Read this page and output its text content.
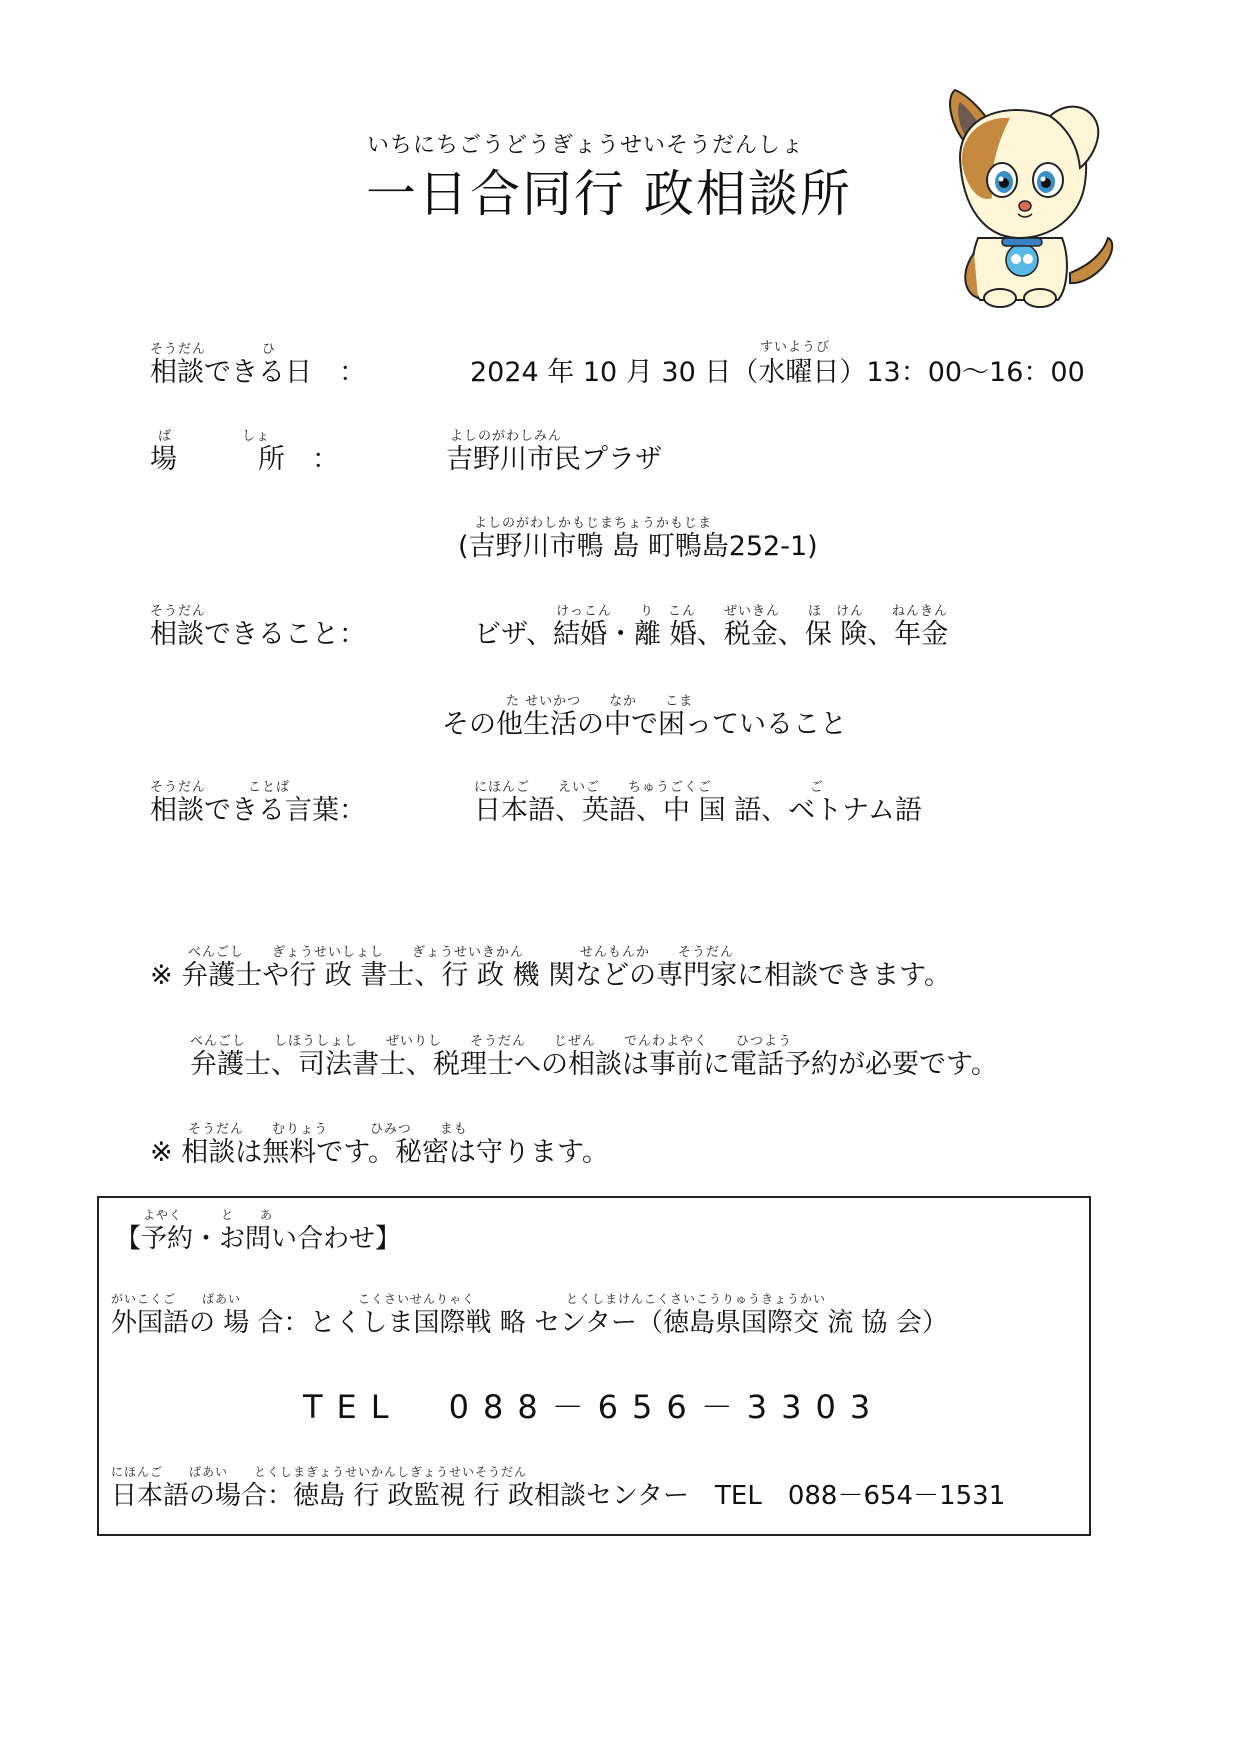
いちにちごうどうぎょうせいそうだんしょ
一日合同行 政相談所
そうだん　　　　ひ
相談できる日　：
すいようび
2024 年 10 月 30 日（水曜日）13：00～16：00
ば　　　　　しょ
場　　　所　：
よしのがわしみん
吉野川市民プラザ
よしのがわしかもじまちょうかもじま
(吉野川市鴨 島 町鴨島252-1)
そうだん
相談できること：
けっこん　　り　こん　　ぜいきん　　ほ　けん　　ねんきん
ビザ、結婚・離 婚、税金、保 険、年金
た せいかつ　　なか　　こま
その他生活の中で困っていること
そうだん　　　ことば
相談できる言葉：
にほんご　　えいご　　ちゅうごくご　　　　　　　ご
日本語、英語、中 国 語、ベトナム語
べんごし　　ぎょうせいしょし　　ぎょうせいきかん　　　　せんもんか　　そうだん
※ 弁護士や行 政 書士、行 政 機 関などの専門家に相談できます。
べんごし　　しほうしょし　　ぜいりし　　そうだん　　じぜん　　でんわよやく　　ひつよう
弁護士、司法書士、税理士への相談は事前に電話予約が必要です。
そうだん　　むりょう　　　ひみつ　　まも
※ 相談は無料です。秘密は守ります。
よやく　　　と　　あ
【予約・お問い合わせ】
がいこくご　　ばあい　　　　　　　　　こくさいせんりゃく　　　　　　　とくしまけんこくさいこうりゅうきょうかい
外国語の 場 合：とくしま国際戦 略 センター（徳島県国際交 流 協 会）
TEL　088－656－3303
にほんご　　ばあい　　とくしまぎょうせいかんしぎょうせいそうだん
日本語の場合：徳島 行 政監視 行 政相談センター　TEL　088－654－1531
